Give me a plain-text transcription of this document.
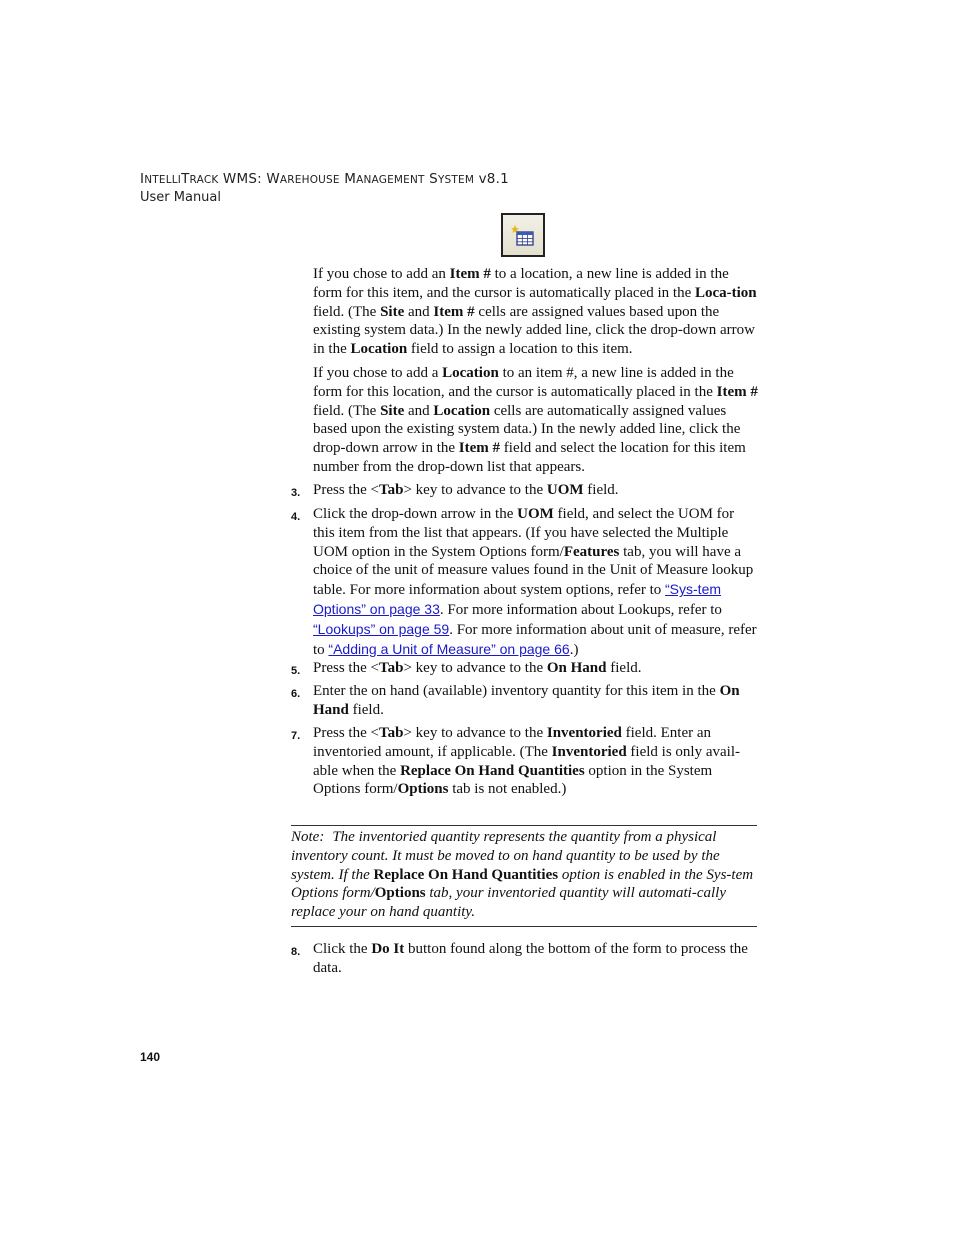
INTELLITRACK WMS: WAREHOUSE MANAGEMENT SYSTEM v8.1
User Manual
If you chose to add an Item # to a location, a new line is added in the form for this item, and the cursor is automatically placed in the Loca-tion field. (The Site and Item # cells are assigned values based upon the existing system data.) In the newly added line, click the drop-down arrow in the Location field to assign a location to this item.
If you chose to add a Location to an item #, a new line is added in the form for this location, and the cursor is automatically placed in the Item # field. (The Site and Location cells are automatically assigned values based upon the existing system data.) In the newly added line, click the drop-down arrow in the Item # field and select the location for this item number from the drop-down list that appears.
3. Press the <Tab> key to advance to the UOM field.
4. Click the drop-down arrow in the UOM field, and select the UOM for this item from the list that appears. (If you have selected the Multiple UOM option in the System Options form/Features tab, you will have a choice of the unit of measure values found in the Unit of Measure lookup table. For more information about system options, refer to “Sys-tem Options” on page 33. For more information about Lookups, refer to “Lookups” on page 59. For more information about unit of measure, refer to “Adding a Unit of Measure” on page 66.)
5. Press the <Tab> key to advance to the On Hand field.
6. Enter the on hand (available) inventory quantity for this item in the On Hand field.
7. Press the <Tab> key to advance to the Inventoried field. Enter an inventoried amount, if applicable. (The Inventoried field is only avail-able when the Replace On Hand Quantities option in the System Options form/Options tab is not enabled.)
Note: The inventoried quantity represents the quantity from a physical inventory count. It must be moved to on hand quantity to be used by the system. If the Replace On Hand Quantities option is enabled in the Sys-tem Options form/Options tab, your inventoried quantity will automati-cally replace your on hand quantity.
8. Click the Do It button found along the bottom of the form to process the data.
140
